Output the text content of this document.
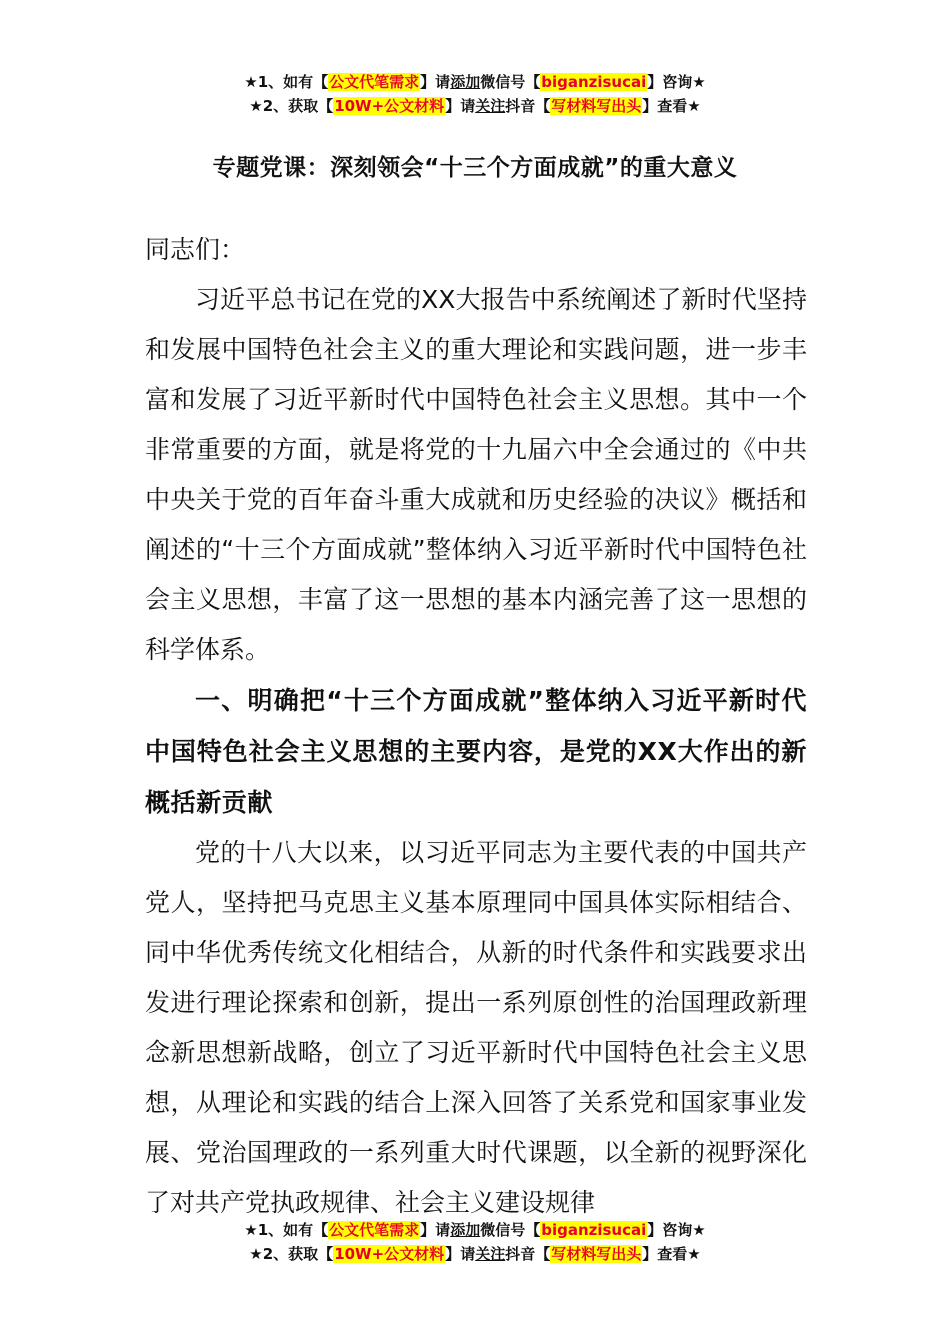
★1、如有【公文代笔需求】请添加微信号【biganzisucai】咨询★
★2、获取【10W+公文材料】请关注抖音【写材料写出头】查看★
专题党课：深刻领会“十三个方面成就”的重大意义

同志们：

习近平总书记在党的XX大报告中系统阐述了新时代坚持和发展中国特色社会主义的重大理论和实践问题，进一步丰富和发展了习近平新时代中国特色社会主义思想。其中一个非常重要的方面，就是将党的十九届六中全会通过的《中共中央关于党的百年奋斗重大成就和历史经验的决议》概括和阐述的“十三个方面成就”整体纳入习近平新时代中国特色社会主义思想，丰富了这一思想的基本内涵完善了这一思想的科学体系。

一、明确把“十三个方面成就”整体纳入习近平新时代中国特色社会主义思想的主要内容，是党的XX大作出的新概括新贡献

党的十八大以来，以习近平同志为主要代表的中国共产党人，坚持把马克思主义基本原理同中国具体实际相结合、同中华优秀传统文化相结合，从新的时代条件和实践要求出发进行理论探索和创新，提出一系列原创性的治国理政新理念新思想新战略，创立了习近平新时代中国特色社会主义思想，从理论和实践的结合上深入回答了关系党和国家事业发展、党治国理政的一系列重大时代课题，以全新的视野深化了对共产党执政规律、社会主义建设规律

★1、如有【公文代笔需求】请添加微信号【biganzisucai】咨询★
★2、获取【10W+公文材料】请关注抖音【写材料写出头】查看★
